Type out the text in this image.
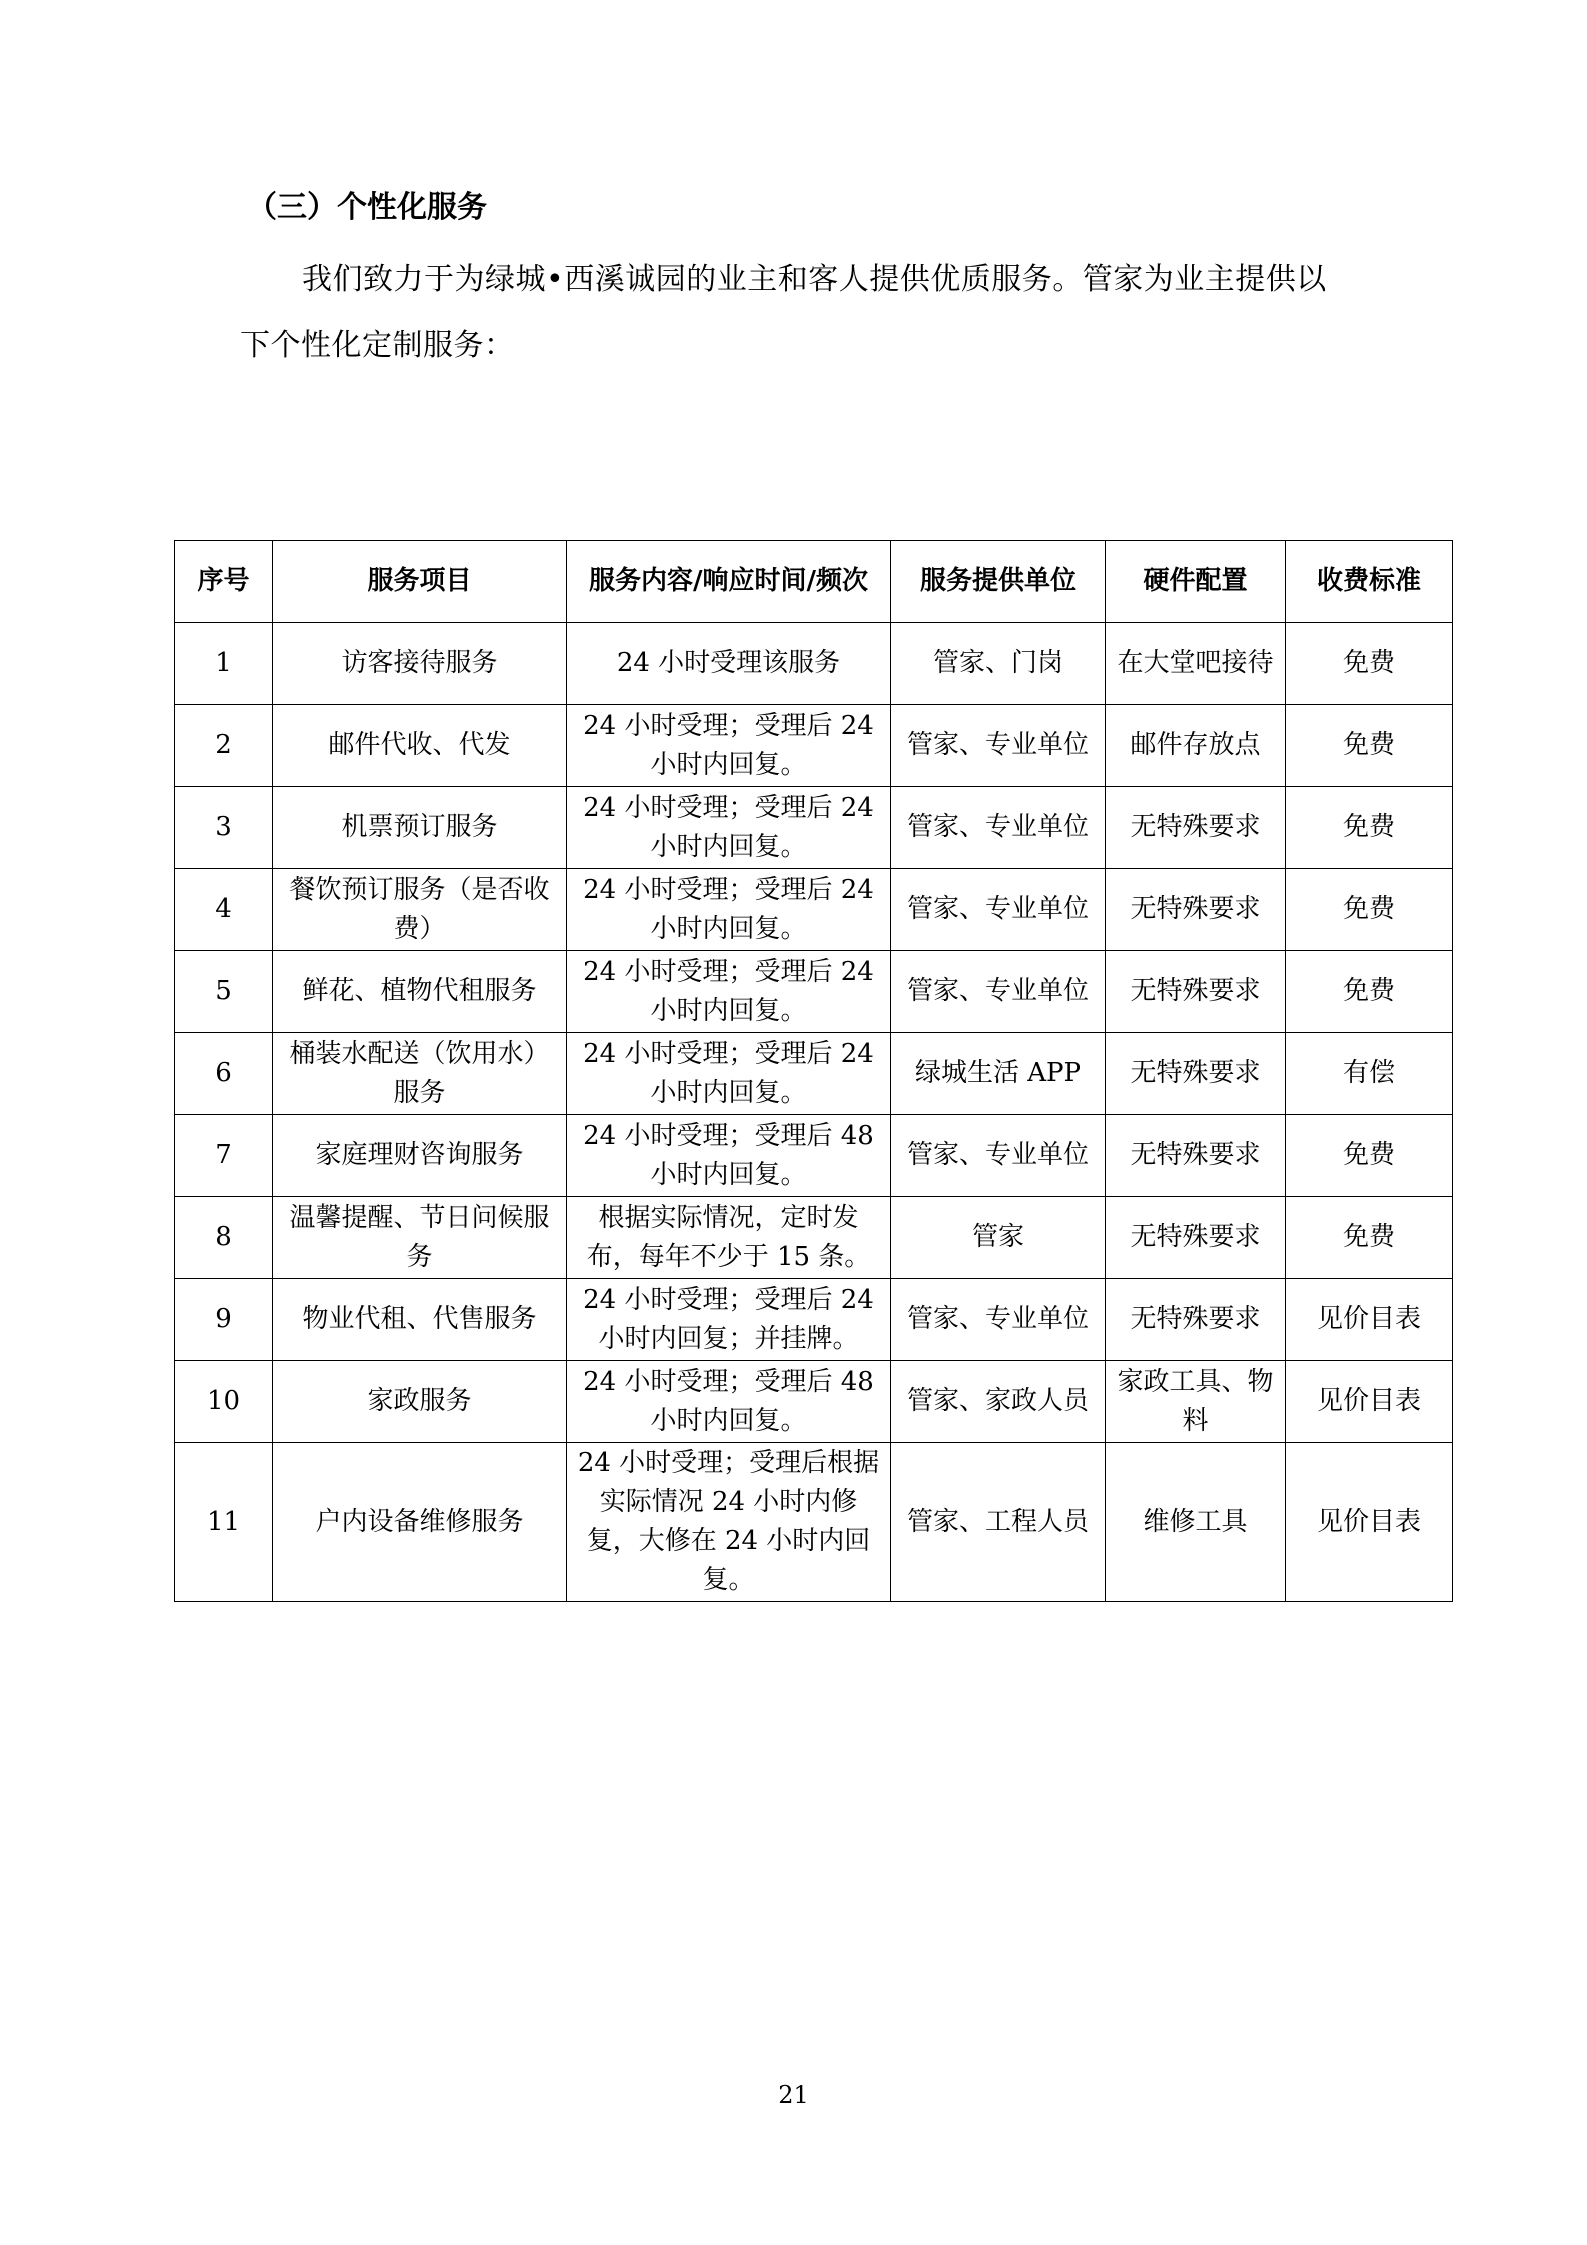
（三）个性化服务
我们致力于为绿城•西溪诚园的业主和客人提供优质服务。管家为业主提供以下个性化定制服务：
序号	服务项目	服务内容/响应时间/频次	服务提供单位	硬件配置	收费标准
1	访客接待服务	24 小时受理该服务	管家、门岗	在大堂吧接待	免费
2	邮件代收、代发	24 小时受理；受理后 24 小时内回复。	管家、专业单位	邮件存放点	免费
3	机票预订服务	24 小时受理；受理后 24 小时内回复。	管家、专业单位	无特殊要求	免费
4	餐饮预订服务（是否收费）	24 小时受理；受理后 24 小时内回复。	管家、专业单位	无特殊要求	免费
5	鲜花、植物代租服务	24 小时受理；受理后 24 小时内回复。	管家、专业单位	无特殊要求	免费
6	桶装水配送（饮用水）服务	24 小时受理；受理后 24 小时内回复。	绿城生活 APP	无特殊要求	有偿
7	家庭理财咨询服务	24 小时受理；受理后 48 小时内回复。	管家、专业单位	无特殊要求	免费
8	温馨提醒、节日问候服务	根据实际情况，定时发布，每年不少于 15 条。	管家	无特殊要求	免费
9	物业代租、代售服务	24 小时受理；受理后 24 小时内回复；并挂牌。	管家、专业单位	无特殊要求	见价目表
10	家政服务	24 小时受理；受理后 48 小时内回复。	管家、家政人员	家政工具、物料	见价目表
11	户内设备维修服务	24 小时受理；受理后根据实际情况 24 小时内修复，大修在 24 小时内回复。	管家、工程人员	维修工具	见价目表
21
